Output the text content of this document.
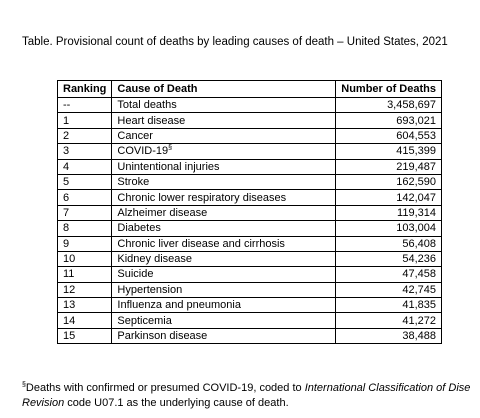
Table. Provisional count of deaths by leading causes of death – United States, 2021
Ranking	Cause of Death	Number of Deaths
--	Total deaths	3,458,697
1	Heart disease	693,021
2	Cancer	604,553
3	COVID-19§	415,399
4	Unintentional injuries	219,487
5	Stroke	162,590
6	Chronic lower respiratory diseases	142,047
7	Alzheimer disease	119,314
8	Diabetes	103,004
9	Chronic liver disease and cirrhosis	56,408
10	Kidney disease	54,236
11	Suicide	47,458
12	Hypertension	42,745
13	Influenza and pneumonia	41,835
14	Septicemia	41,272
15	Parkinson disease	38,488
§Deaths with confirmed or presumed COVID-19, coded to International Classification of Dise
Revision code U07.1 as the underlying cause of death.
